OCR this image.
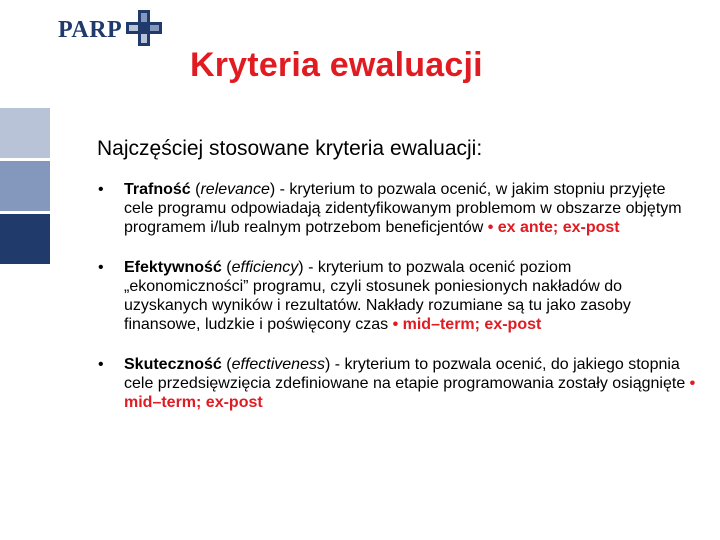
PARP
Kryteria ewaluacji
Najczęściej stosowane kryteria ewaluacji:
•	Trafność (relevance) - kryterium to pozwala ocenić, w jakim stopniu przyjęte cele programu odpowiadają zidentyfikowanym problemom w obszarze objętym programem i/lub realnym potrzebom beneficjentów • ex ante; ex-post
•	Efektywność (efficiency) - kryterium to pozwala ocenić poziom „ekonomiczności” programu, czyli stosunek poniesionych nakładów do uzyskanych wyników i rezultatów. Nakłady rozumiane są tu jako zasoby finansowe, ludzkie i poświęcony czas • mid–term; ex-post
•	Skuteczność (effectiveness) - kryterium to pozwala ocenić, do jakiego stopnia cele przedsięwzięcia zdefiniowane na etapie programowania zostały osiągnięte • mid–term; ex-post
